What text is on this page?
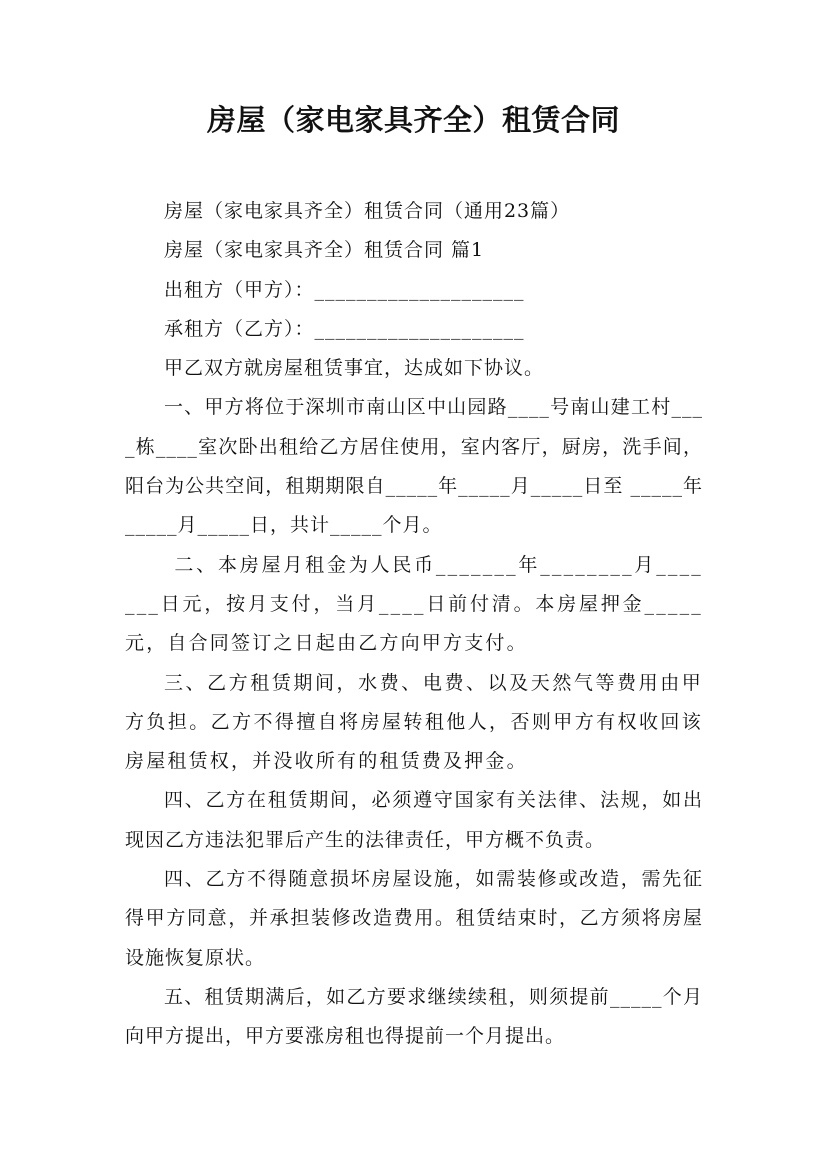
房屋（家电家具齐全）租赁合同

房屋（家电家具齐全）租赁合同（通用23篇）

房屋（家电家具齐全）租赁合同 篇1

出租方（甲方）：____________________

承租方（乙方）：____________________

甲乙双方就房屋租赁事宜，达成如下协议。

一、甲方将位于深圳市南山区中山园路____号南山建工村____栋____室次卧出租给乙方居住使用，室内客厅，厨房，洗手间，阳台为公共空间，租期期限自_____年_____月_____日至 _____年_____月_____日，共计_____个月。

二、本房屋月租金为人民币_______年________月_______日元，按月支付，当月____日前付清。本房屋押金_____元，自合同签订之日起由乙方向甲方支付。

三、乙方租赁期间，水费、电费、以及天然气等费用由甲方负担。乙方不得擅自将房屋转租他人，否则甲方有权收回该房屋租赁权，并没收所有的租赁费及押金。

四、乙方在租赁期间，必须遵守国家有关法律、法规，如出现因乙方违法犯罪后产生的法律责任，甲方概不负责。

四、乙方不得随意损坏房屋设施，如需装修或改造，需先征得甲方同意，并承担装修改造费用。租赁结束时，乙方须将房屋设施恢复原状。

五、租赁期满后，如乙方要求继续续租，则须提前_____个月向甲方提出，甲方要涨房租也得提前一个月提出。
